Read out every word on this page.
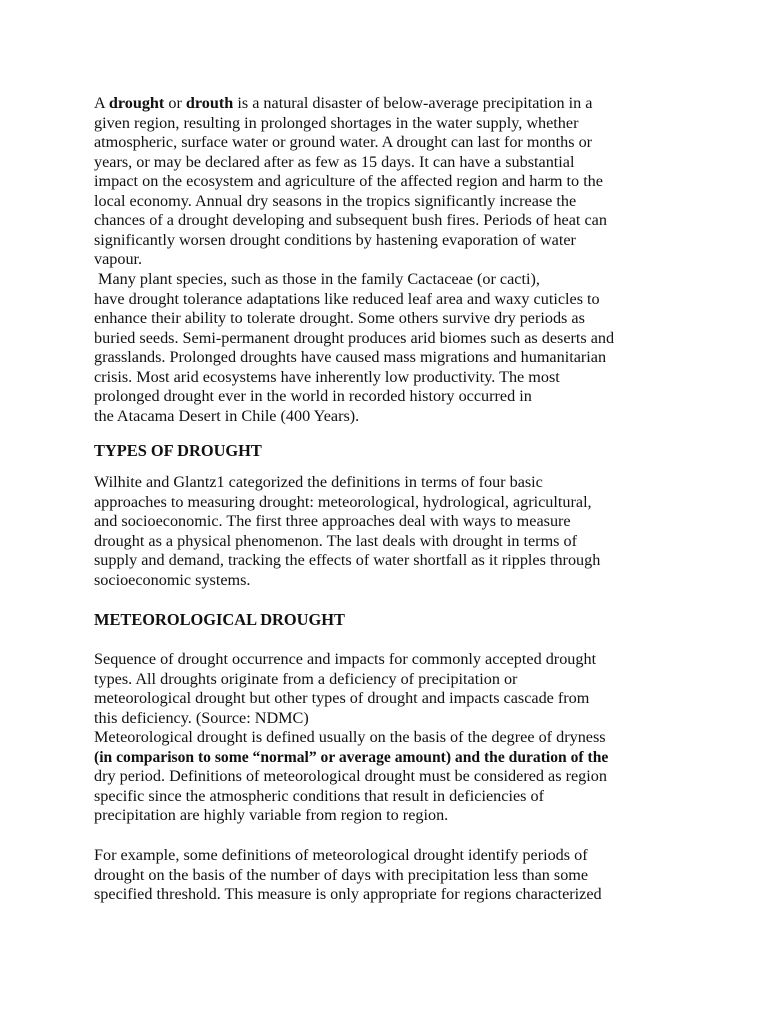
A drought or drouth is a natural disaster of below-average precipitation in a
given region, resulting in prolonged shortages in the water supply, whether
atmospheric, surface water or ground water. A drought can last for months or
years, or may be declared after as few as 15 days. It can have a substantial
impact on the ecosystem and agriculture of the affected region and harm to the
local economy. Annual dry seasons in the tropics significantly increase the
chances of a drought developing and subsequent bush fires. Periods of heat can
significantly worsen drought conditions by hastening evaporation of water
vapour.
Many plant species, such as those in the family Cactaceae (or cacti),
have drought tolerance adaptations like reduced leaf area and waxy cuticles to
enhance their ability to tolerate drought. Some others survive dry periods as
buried seeds. Semi-permanent drought produces arid biomes such as deserts and
grasslands. Prolonged droughts have caused mass migrations and humanitarian
crisis. Most arid ecosystems have inherently low productivity. The most
prolonged drought ever in the world in recorded history occurred in
the Atacama Desert in Chile (400 Years).
TYPES OF DROUGHT
Wilhite and Glantz1 categorized the definitions in terms of four basic
approaches to measuring drought: meteorological, hydrological, agricultural,
and socioeconomic. The first three approaches deal with ways to measure
drought as a physical phenomenon. The last deals with drought in terms of
supply and demand, tracking the effects of water shortfall as it ripples through
socioeconomic systems.
METEOROLOGICAL DROUGHT
Sequence of drought occurrence and impacts for commonly accepted drought
types. All droughts originate from a deficiency of precipitation or
meteorological drought but other types of drought and impacts cascade from
this deficiency. (Source: NDMC)
Meteorological drought is defined usually on the basis of the degree of dryness
(in comparison to some “normal” or average amount) and the duration of the
dry period. Definitions of meteorological drought must be considered as region
specific since the atmospheric conditions that result in deficiencies of
precipitation are highly variable from region to region.
For example, some definitions of meteorological drought identify periods of
drought on the basis of the number of days with precipitation less than some
specified threshold. This measure is only appropriate for regions characterized
